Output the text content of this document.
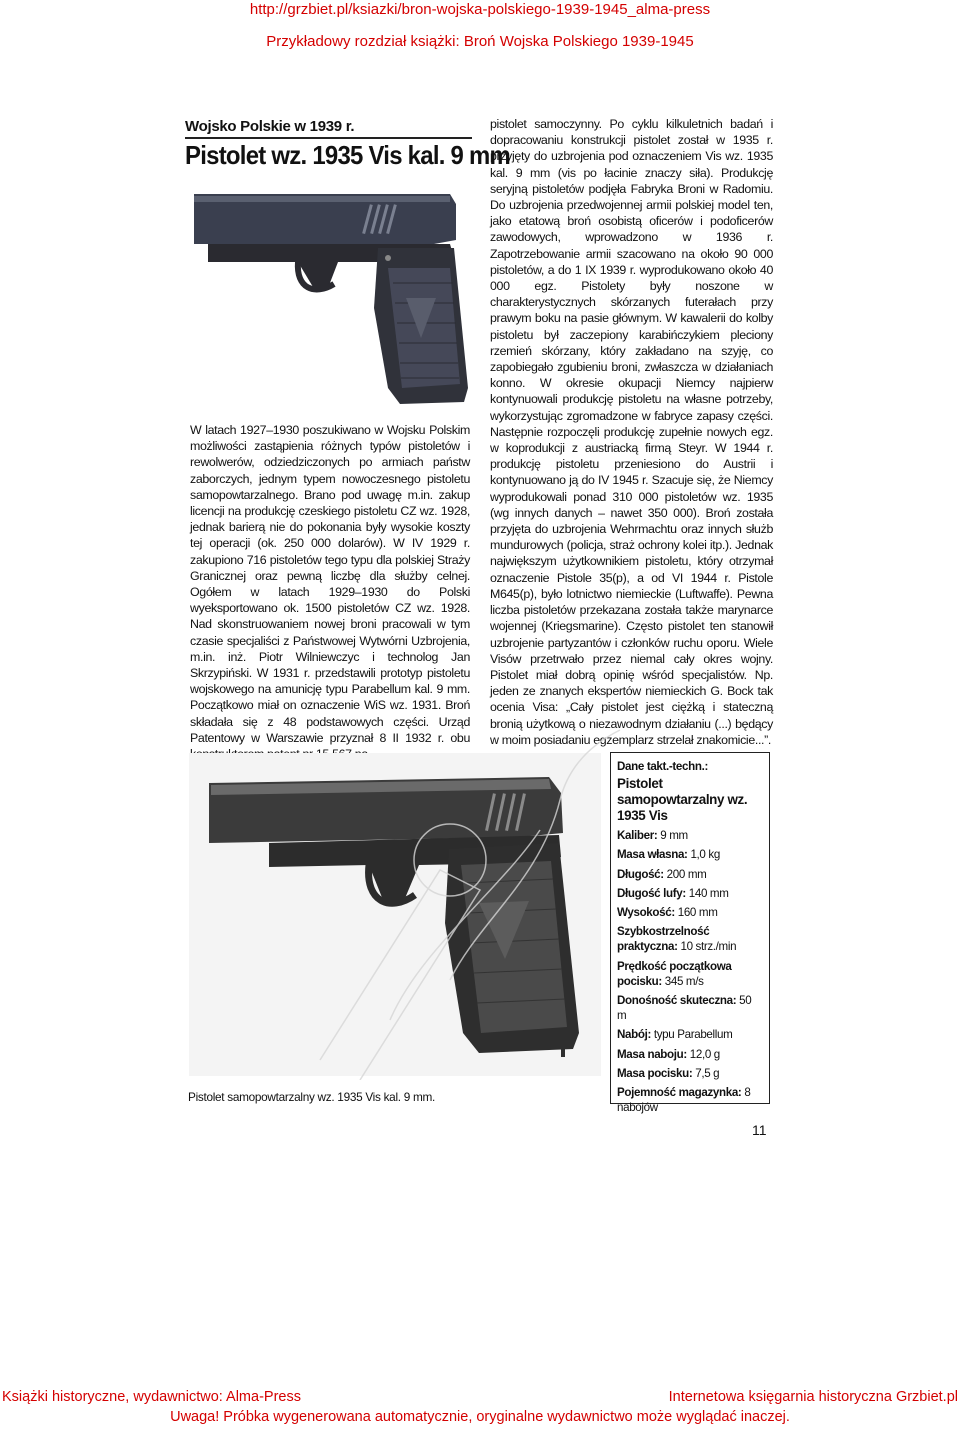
http://grzbiet.pl/ksiazki/bron-wojska-polskiego-1939-1945_alma-press
Przykładowy rozdział książki: Broń Wojska Polskiego 1939-1945
Wojsko Polskie w 1939 r.
Pistolet wz. 1935 Vis kal. 9 mm

W latach 1927–1930 poszukiwano w Wojsku Polskim możliwości zastąpienia różnych typów pistoletów i rewolwerów, odziedziczonych po armiach państw zaborczych, jednym typem nowoczesnego pistoletu samopowtarzalnego. Brano pod uwagę m.in. zakup licencji na produkcję czeskiego pistoletu CZ wz. 1928, jednak barierą nie do pokonania były wysokie koszty tej operacji (ok. 250 000 dolarów). W IV 1929 r. zakupiono 716 pistoletów tego typu dla polskiej Straży Granicznej oraz pewną liczbę dla służby celnej. Ogółem w latach 1929–1930 do Polski wyeksportowano ok. 1500 pistoletów CZ wz. 1928. Nad skonstruowaniem nowej broni pracowali w tym czasie specjaliści z Państwowej Wytwórni Uzbrojenia, m.in. inż. Piotr Wilniewczyc i technolog Jan Skrzypiński. W 1931 r. przedstawili prototyp pistoletu wojskowego na amunicję typu Parabellum kal. 9 mm. Początkowo miał on oznaczenie WiS wz. 1931. Broń składała się z 48 podstawowych części. Urząd Patentowy w Warszawie przyznał 8 II 1932 r. obu

pistolet samoczynny. Po cyklu kilkuletnich badań i dopracowaniu konstrukcji pistolet został w 1935 r. przyjęty do uzbrojenia pod oznaczeniem Vis wz. 1935 kal. 9 mm (vis po łacinie znaczy siła). Produkcję seryjną pistoletów podjęła Fabryka Broni w Radomiu. Do uzbrojenia przedwojennej armii polskiej model ten, jako etatową broń osobistą oficerów i podoficerów zawodowych, wprowadzono w 1936 r. Zapotrzebowanie armii szacowano na około 90 000 pistoletów, a do 1 IX 1939 r. wyprodukowano około 40 000 egz. Pistolety były noszone w charakterystycznych skórzanych futerałach przy prawym boku na pasie głównym. W kawalerii do kolby pistoletu był zaczepiony karabińczykiem pleciony rzemień skórzany, który zakładano na szyję, co zapobiegało zgubieniu broni, zwłaszcza w działaniach konno. W okresie okupacji Niemcy najpierw kontynuowali produkcję pistoletu na własne potrzeby, wykorzystując zgromadzone w fabryce zapasy części. Następnie rozpoczęli produkcję zupełnie nowych egz. w koprodukcji z austriacką firmą Steyr. W 1944 r. produkcję pistoletu przeniesiono do Austrii i kontynuowano ją do IV 1945 r. Szacuje się, że Niemcy wyprodukowali ponad 310 000 pistoletów wz. 1935 (wg innych danych – nawet 350 000). Broń została przyjęta do uzbrojenia Wehrmachtu oraz innych służb mundurowych (policja, straż ochrony kolei itp.). Jednak największym użytkownikiem pistoletu, który otrzymał oznaczenie Pistole 35(p), a od VI 1944 r. Pistole M645(p), było lotnictwo niemieckie (Luftwaffe). Pewna liczba pistoletów przekazana została także marynarce wojennej (Kriegsmarine). Często pistolet ten stanowił uzbrojenie partyzantów i członków ruchu oporu. Wiele Visów przetrwało przez niemal cały okres wojny. Pistolet miał dobrą opinię wśród specjalistów. Np. jeden ze znanych ekspertów niemieckich G. Bock tak ocenia Visa: „Cały pistolet jest ciężką i stateczną bronią użytkową o niezawodnym działaniu (...) będący w moim posiadaniu egzemplarz strzelał znakomicie...”.

Pistolet samopowtarzalny wz. 1935 Vis kal. 9 mm.
Dane takt.-techn.:
Pistolet samopowtarzalny wz. 1935 Vis
Kaliber: 9 mm
Masa własna: 1,0 kg
Długość: 200 mm
Długość lufy: 140 mm
Wysokość: 160 mm
Szybkostrzelność praktyczna: 10 strz./min
Prędkość początkowa pocisku: 345 m/s
Donośność skuteczna: 50 m
Nabój: typu Parabellum
Masa naboju: 12,0 g
Masa pocisku: 7,5 g
Pojemność magazynka: 8 nabojów
11
Książki historyczne, wydawnictwo: Alma-Press	Internetowa księgarnia historyczna Grzbiet.pl
Uwaga! Próbka wygenerowana automatycznie, oryginalne wydawnictwo może wyglądać inaczej.
